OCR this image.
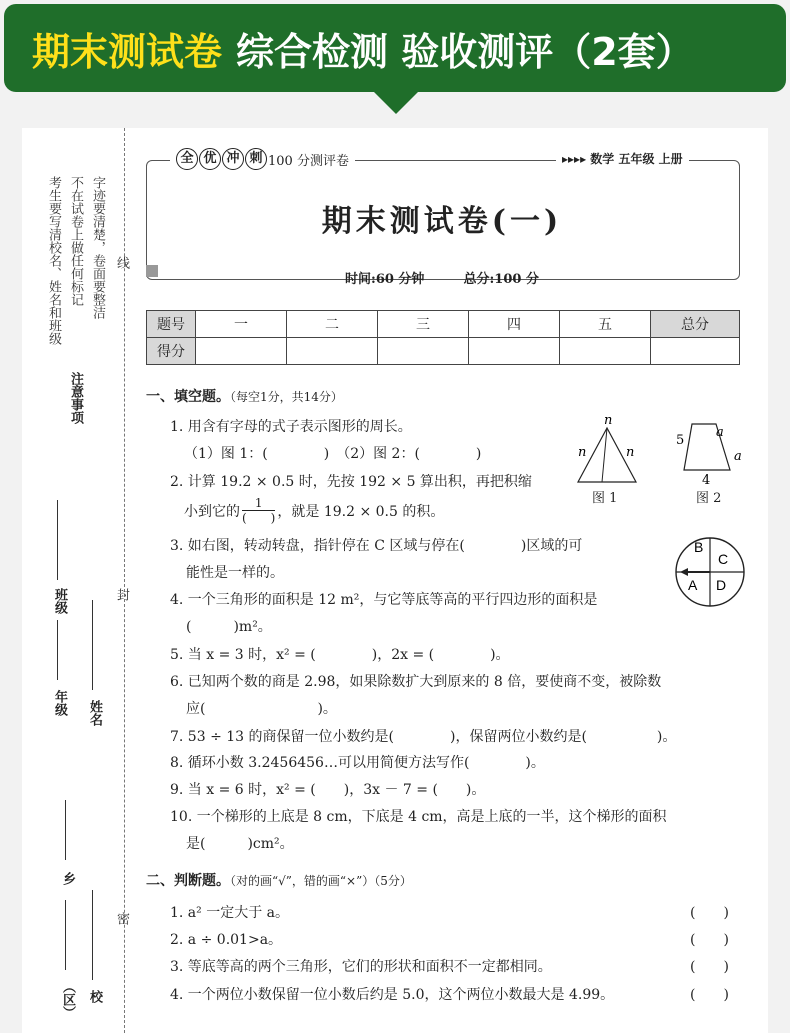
期末测试卷 综合检测 验收测评（2套）
考生要写清校名、姓名和班级 不在试卷上做任何标记 字迹要清楚，卷面要整洁
注意事项
线
封
密
班级
年级 姓名
乡
（区） 校
全 优 冲 刺 100 分测评卷	▸▸▸▸ 数学 五年级 上册
期末测试卷(一)
时间:60 分钟	总分:100 分
题号	一	二	三	四	五	总分
得分						
一、填空题。（每空1分，共14分）
1. 用含有字母的式子表示图形的周长。
（1）图 1：(　　　　)　（2）图 2：(　　　　)
2. 计算 19.2 × 0.5 时，先按 192 × 5 算出积，再把积缩
小到它的
1
(　　) ，就是 19.2 × 0.5 的积。
3. 如右图，转动转盘，指针停在 C 区域与停在(　　　　)区域的可
能性是一样的。
4. 一个三角形的面积是 12 m²，与它等底等高的平行四边形的面积是
(　　　)m²。
5. 当 x = 3 时，x² = (　　　　)，2x = (　　　　)。
6. 已知两个数的商是 2.98，如果除数扩大到原来的 8 倍，要使商不变，被除数
应(　　　　　　　　)。
7. 53 ÷ 13 的商保留一位小数约是(　　　　)，保留两位小数约是(　　　　　)。
8. 循环小数 3.2456456…可以用简便方法写作(　　　　)。
9. 当 x = 6 时，x² = (　　)，3x － 7 = (　　)。
10. 一个梯形的上底是 8 cm，下底是 4 cm，高是上底的一半，这个梯形的面积
是(　　　)cm²。
n
n	n
图 1
5
a
a
4
图 2
B
C
A D
二、判断题。（对的画“√”，错的画“×”）（5分）
1. a² 一定大于 a。	(　　)
2. a ÷ 0.01>a。	(　　)
3. 等底等高的两个三角形，它们的形状和面积不一定都相同。	(　　)
4. 一个两位小数保留一位小数后约是 5.0，这个两位小数最大是 4.99。	(　　)
